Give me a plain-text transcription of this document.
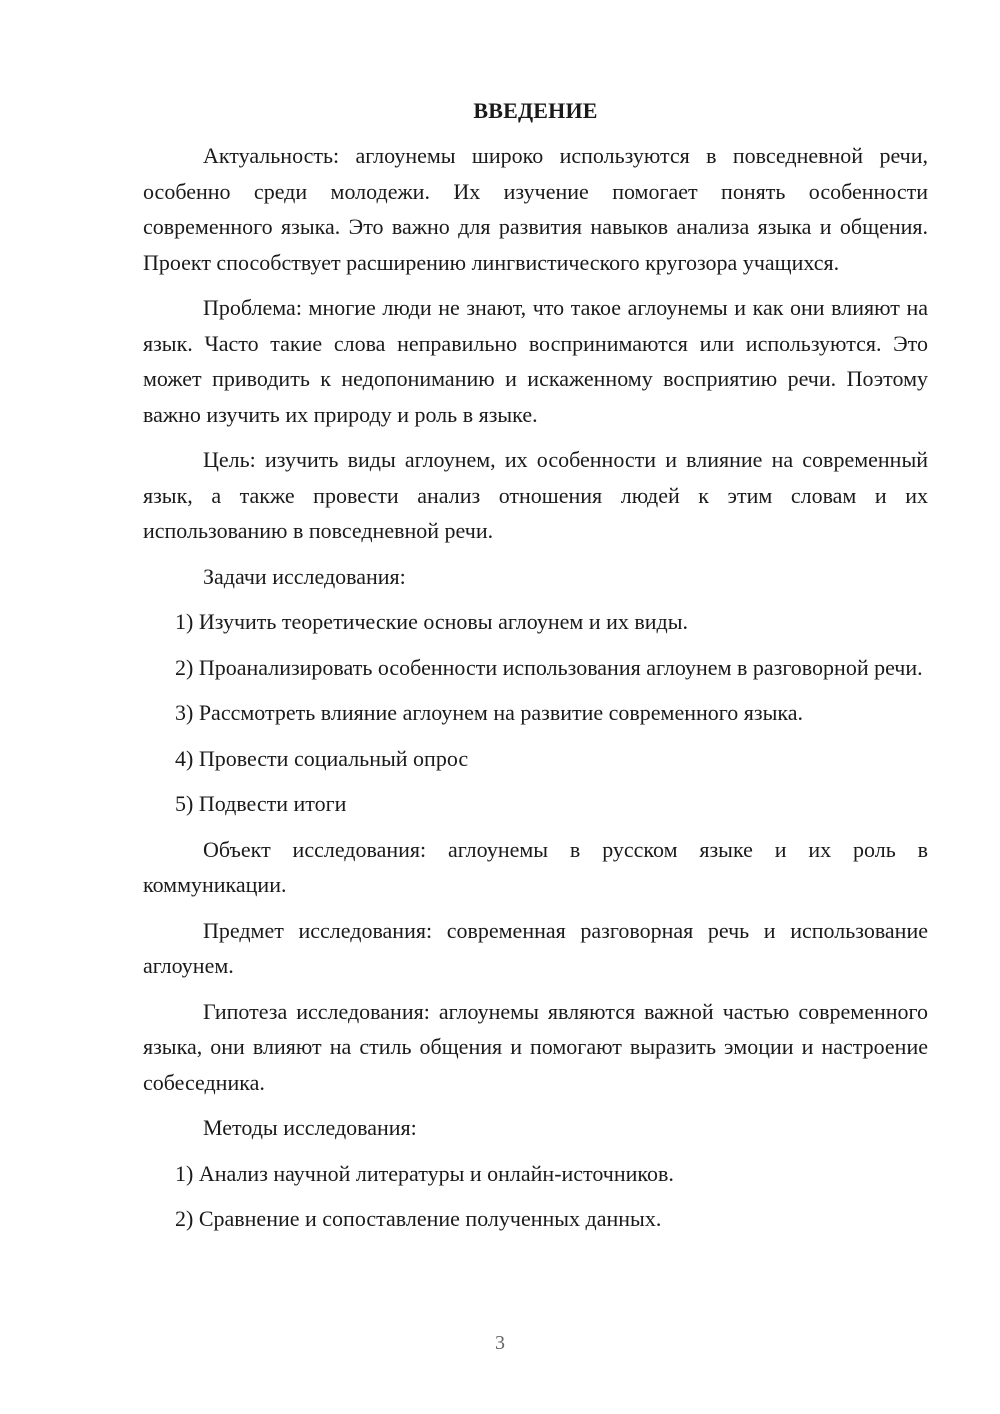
ВВЕДЕНИЕ

Актуальность: аглоунемы широко используются в повседневной речи, особенно среди молодежи. Их изучение помогает понять особенности современного языка. Это важно для развития навыков анализа языка и общения. Проект способствует расширению лингвистического кругозора учащихся.

Проблема: многие люди не знают, что такое аглоунемы и как они влияют на язык. Часто такие слова неправильно воспринимаются или используются. Это может приводить к недопониманию и искаженному восприятию речи. Поэтому важно изучить их природу и роль в языке.

Цель: изучить виды аглоунем, их особенности и влияние на современный язык, а также провести анализ отношения людей к этим словам и их использованию в повседневной речи.

Задачи исследования:

1) Изучить теоретические основы аглоунем и их виды.

2) Проанализировать особенности использования аглоунем в разговорной речи.

3) Рассмотреть влияние аглоунем на развитие современного языка.

4) Провести социальный опрос

5) Подвести итоги

Объект исследования: аглоунемы в русском языке и их роль в коммуникации.

Предмет исследования: современная разговорная речь и использование аглоунем.

Гипотеза исследования: аглоунемы являются важной частью современного языка, они влияют на стиль общения и помогают выразить эмоции и настроение собеседника.

Методы исследования:

1) Анализ научной литературы и онлайн-источников.

2) Сравнение и сопоставление полученных данных.

3
